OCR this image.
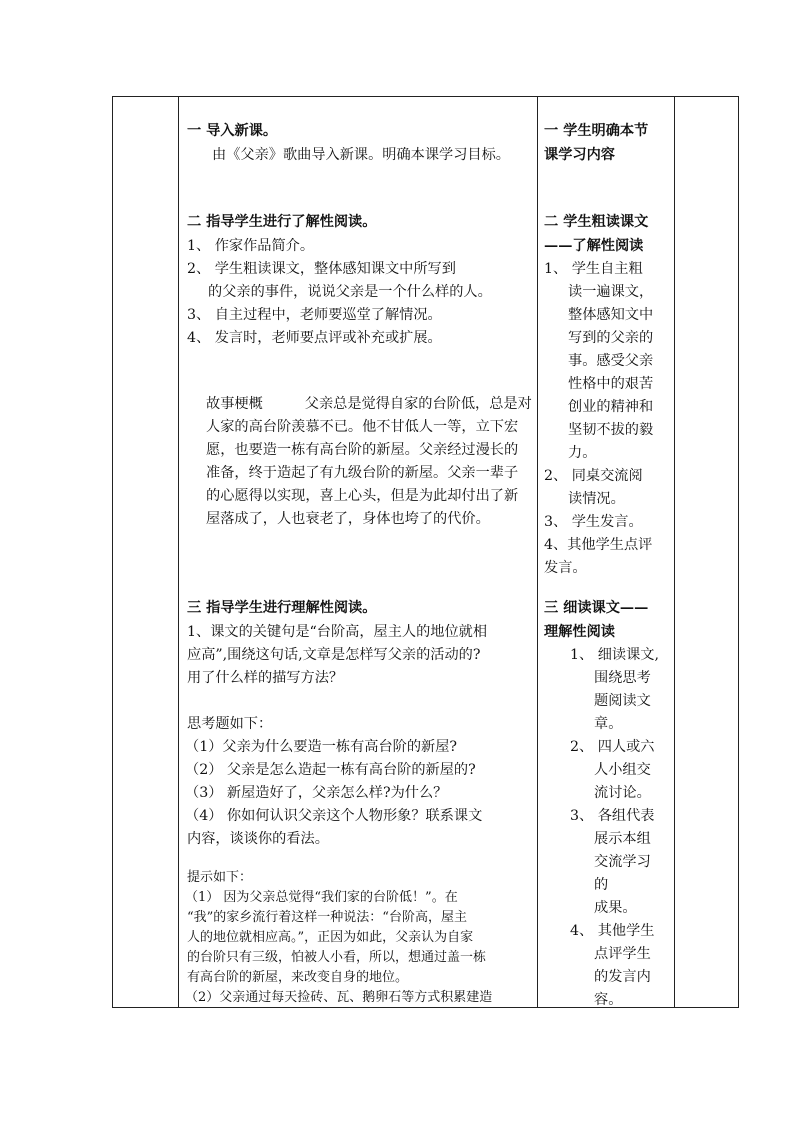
一 导入新课。
由《父亲》歌曲导入新课。明确本课学习目标。
二 指导学生进行了解性阅读。
1、 作家作品简介。
2、 学生粗读课文，整体感知课文中所写到
的父亲的事件，说说父亲是一个什么样的人。
3、 自主过程中，老师要巡堂了解情况。
4、 发言时，老师要点评或补充或扩展。
故事梗概	父亲总是觉得自家的台阶低，总是对人家的高台阶羡慕不已。他不甘低人一等，立下宏愿，也要造一栋有高台阶的新屋。父亲经过漫长的准备，终于造起了有九级台阶的新屋。父亲一辈子的心愿得以实现，喜上心头，但是为此却付出了新屋落成了，人也衰老了，身体也垮了的代价。
三 指导学生进行理解性阅读。
1、课文的关键句是“台阶高，屋主人的地位就相
应高”,围绕这句话,文章是怎样写父亲的活动的?
用了什么样的描写方法？
思考题如下：
（1）父亲为什么要造一栋有高台阶的新屋?
（2） 父亲是怎么造起一栋有高台阶的新屋的?
（3） 新屋造好了，父亲怎么样?为什么？
（4） 你如何认识父亲这个人物形象？联系课文
内容，谈谈你的看法。
提示如下：
（1） 因为父亲总觉得“我们家的台阶低！”。在
“我”的家乡流行着这样一种说法：“台阶高，屋主
人的地位就相应高。”，正因为如此，父亲认为自家
的台阶只有三级，怕被人小看，所以，想通过盖一栋
有高台阶的新屋，来改变自身的地位。
（2）父亲通过每天捡砖、瓦、鹅卵石等方式积累建造

一 学生明确本节
课学习内容
二 学生粗读课文
——了解性阅读
1、 学生自主粗
读一遍课文，
整体感知文中
写到的父亲的
事。感受父亲
性格中的艰苦
创业的精神和
坚韧不拔的毅
力。
2、 同桌交流阅
读情况。
3、 学生发言。
4、其他学生点评
发言。
三 细读课文——
理解性阅读
1、 细读课文,
围绕思考
题阅读文
章。
2、 四人或六
人小组交
流讨论。
3、 各组代表
展示本组
交流学习
的
成果。
4、 其他学生
点评学生
的发言内
容。
